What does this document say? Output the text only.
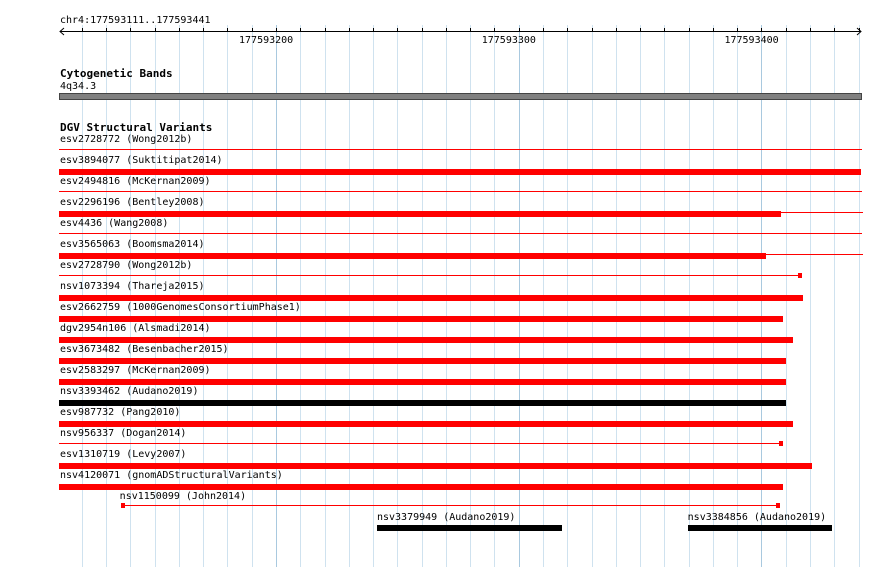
chr4:177593111..177593441
177593200	177593300	177593400
Cytogenetic Bands
4q34.3
DGV Structural Variants
esv2728772 (Wong2012b)
esv3894077 (Suktitipat2014)
esv2494816 (McKernan2009)
esv2296196 (Bentley2008)
esv4436 (Wang2008)
esv3565063 (Boomsma2014)
esv2728790 (Wong2012b)
nsv1073394 (Thareja2015)
esv2662759 (1000GenomesConsortiumPhase1)
dgv2954n106 (Alsmadi2014)
esv3673482 (Besenbacher2015)
esv2583297 (McKernan2009)
nsv3393462 (Audano2019)
esv987732 (Pang2010)
nsv956337 (Dogan2014)
esv1310719 (Levy2007)
nsv4120071 (gnomADStructuralVariants)
nsv1150099 (John2014)
nsv3379949 (Audano2019)	nsv3384856 (Audano2019)
